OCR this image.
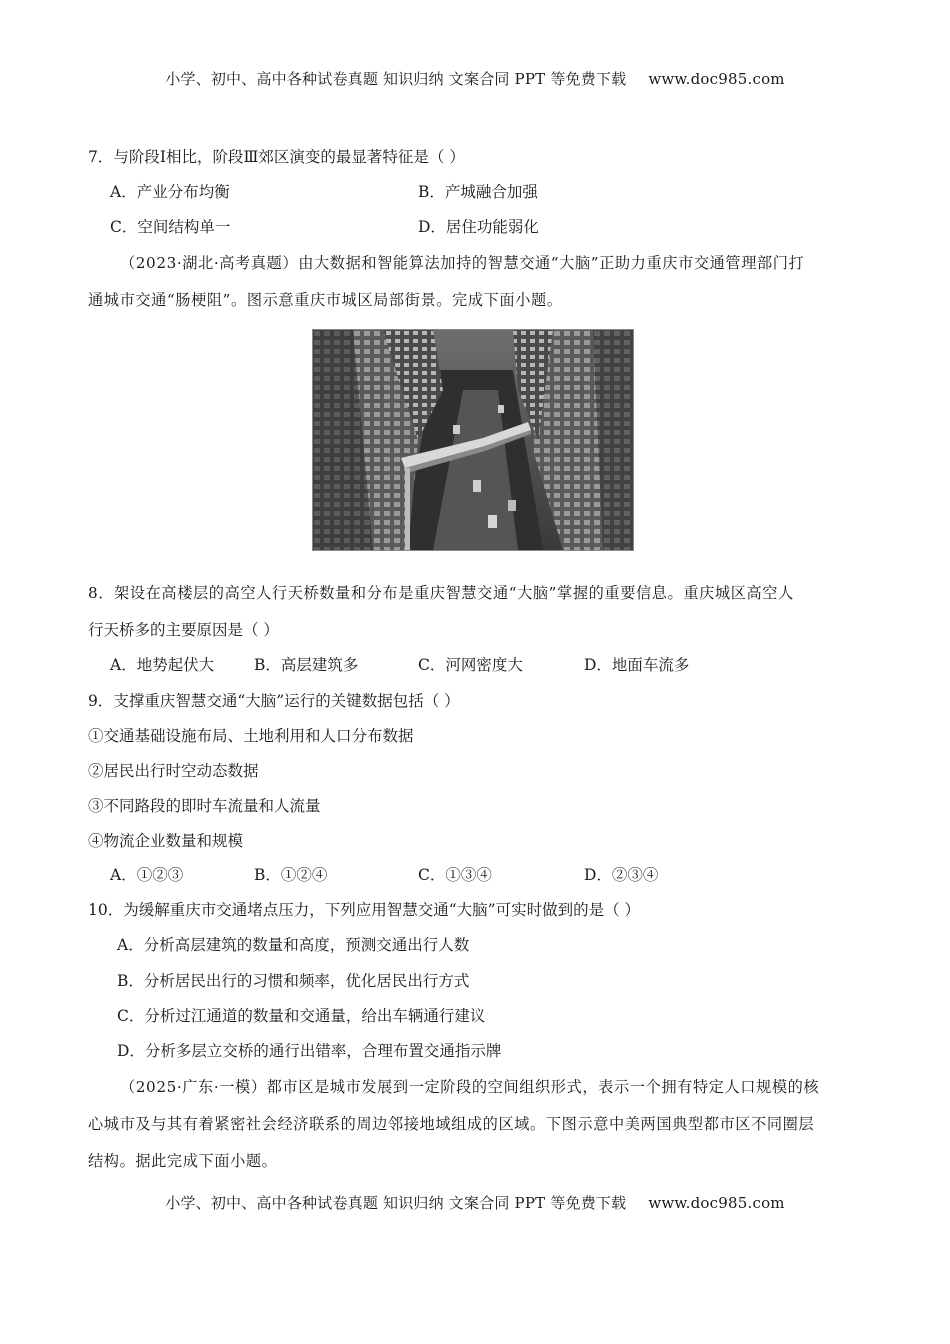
小学、初中、高中各种试卷真题 知识归纳 文案合同 PPT 等免费下载 www.doc985.com
7．与阶段Ⅰ相比，阶段Ⅲ郊区演变的最显著特征是（ ）
A．产业分布均衡	B．产城融合加强
C．空间结构单一	D．居住功能弱化
（2023·湖北·高考真题）由大数据和智能算法加持的智慧交通“大脑”正助力重庆市交通管理部门打
通城市交通“肠梗阻”。图示意重庆市城区局部街景。完成下面小题。
8．架设在高楼层的高空人行天桥数量和分布是重庆智慧交通“大脑”掌握的重要信息。重庆城区高空人
行天桥多的主要原因是（ ）
A．地势起伏大	B．高层建筑多	C．河网密度大	D．地面车流多
9．支撑重庆智慧交通“大脑”运行的关键数据包括（ ）
①交通基础设施布局、土地利用和人口分布数据
②居民出行时空动态数据
③不同路段的即时车流量和人流量
④物流企业数量和规模
A．①②③	B．①②④	C．①③④	D．②③④
10．为缓解重庆市交通堵点压力，下列应用智慧交通“大脑”可实时做到的是（ ）
A．分析高层建筑的数量和高度，预测交通出行人数
B．分析居民出行的习惯和频率，优化居民出行方式
C．分析过江通道的数量和交通量，给出车辆通行建议
D．分析多层立交桥的通行出错率，合理布置交通指示牌
（2025·广东·一模）都市区是城市发展到一定阶段的空间组织形式，表示一个拥有特定人口规模的核
心城市及与其有着紧密社会经济联系的周边邻接地域组成的区域。下图示意中美两国典型都市区不同圈层
结构。据此完成下面小题。
小学、初中、高中各种试卷真题 知识归纳 文案合同 PPT 等免费下载 www.doc985.com
